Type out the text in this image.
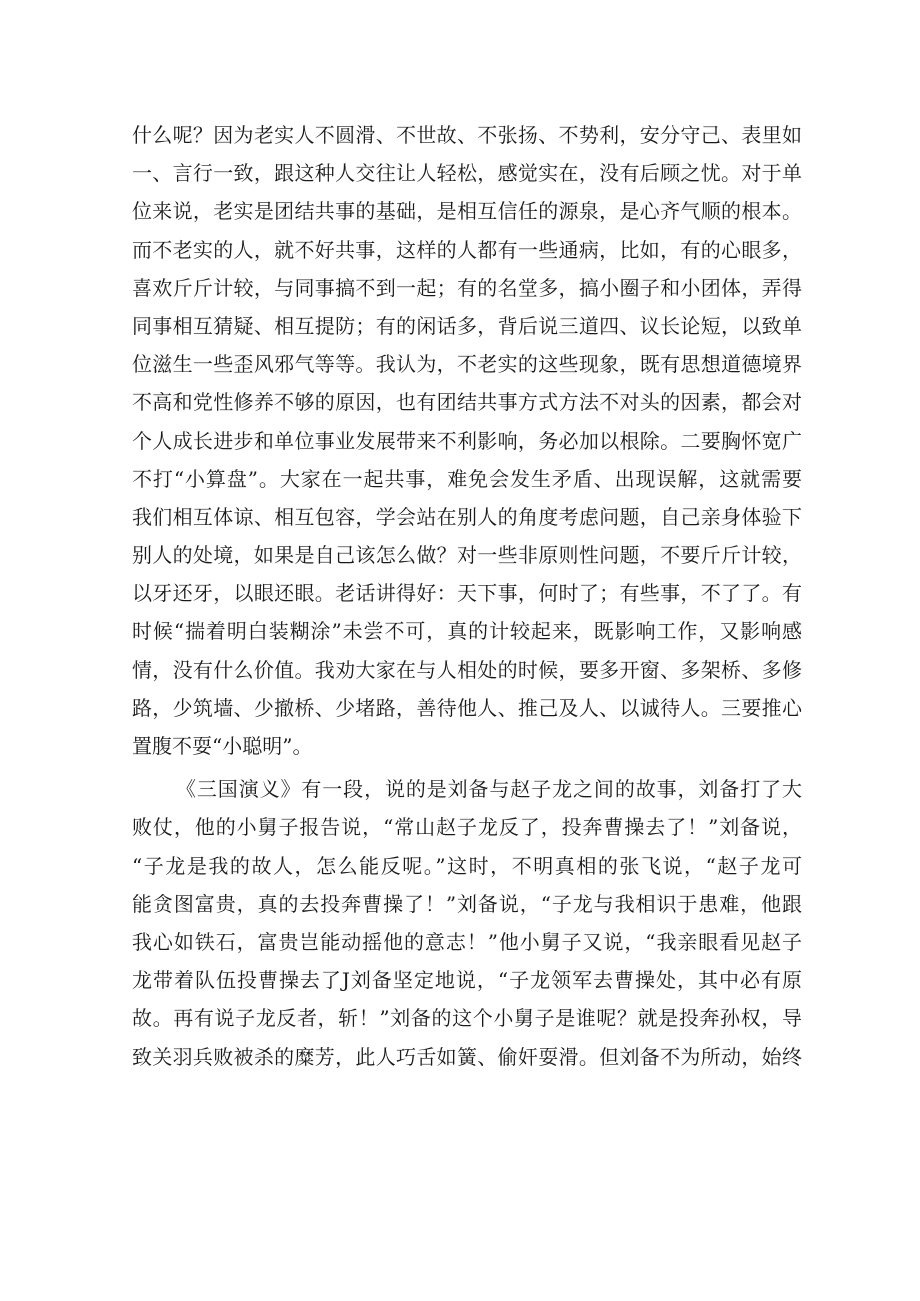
什么呢？因为老实人不圆滑、不世故、不张扬、不势利，安分守己、表里如
一、言行一致，跟这种人交往让人轻松，感觉实在，没有后顾之忧。对于单
位来说，老实是团结共事的基础，是相互信任的源泉，是心齐气顺的根本。
而不老实的人，就不好共事，这样的人都有一些通病，比如，有的心眼多，
喜欢斤斤计较，与同事搞不到一起；有的名堂多，搞小圈子和小团体，弄得
同事相互猜疑、相互提防；有的闲话多，背后说三道四、议长论短，以致单
位滋生一些歪风邪气等等。我认为，不老实的这些现象，既有思想道德境界
不高和党性修养不够的原因，也有团结共事方式方法不对头的因素，都会对
个人成长进步和单位事业发展带来不利影响，务必加以根除。二要胸怀宽广
不打“小算盘”。大家在一起共事，难免会发生矛盾、出现误解，这就需要
我们相互体谅、相互包容，学会站在别人的角度考虑问题，自己亲身体验下
别人的处境，如果是自己该怎么做？对一些非原则性问题，不要斤斤计较，
以牙还牙，以眼还眼。老话讲得好：天下事，何时了；有些事，不了了。有
时候“揣着明白装糊涂”未尝不可，真的计较起来，既影响工作，又影响感
情，没有什么价值。我劝大家在与人相处的时候，要多开窗、多架桥、多修
路，少筑墙、少撤桥、少堵路，善待他人、推己及人、以诚待人。三要推心
置腹不耍“小聪明”。
《三国演义》有一段，说的是刘备与赵子龙之间的故事，刘备打了大
败仗，他的小舅子报告说，“常山赵子龙反了，投奔曹操去了！”刘备说，
“子龙是我的故人，怎么能反呢。”这时，不明真相的张飞说，“赵子龙可
能贪图富贵，真的去投奔曹操了！”刘备说，“子龙与我相识于患难，他跟
我心如铁石，富贵岂能动摇他的意志！”他小舅子又说，“我亲眼看见赵子
龙带着队伍投曹操去了J刘备坚定地说，“子龙领军去曹操处，其中必有原
故。再有说子龙反者，斩！”刘备的这个小舅子是谁呢？就是投奔孙权，导
致关羽兵败被杀的糜芳，此人巧舌如簧、偷奸耍滑。但刘备不为所动，始终
